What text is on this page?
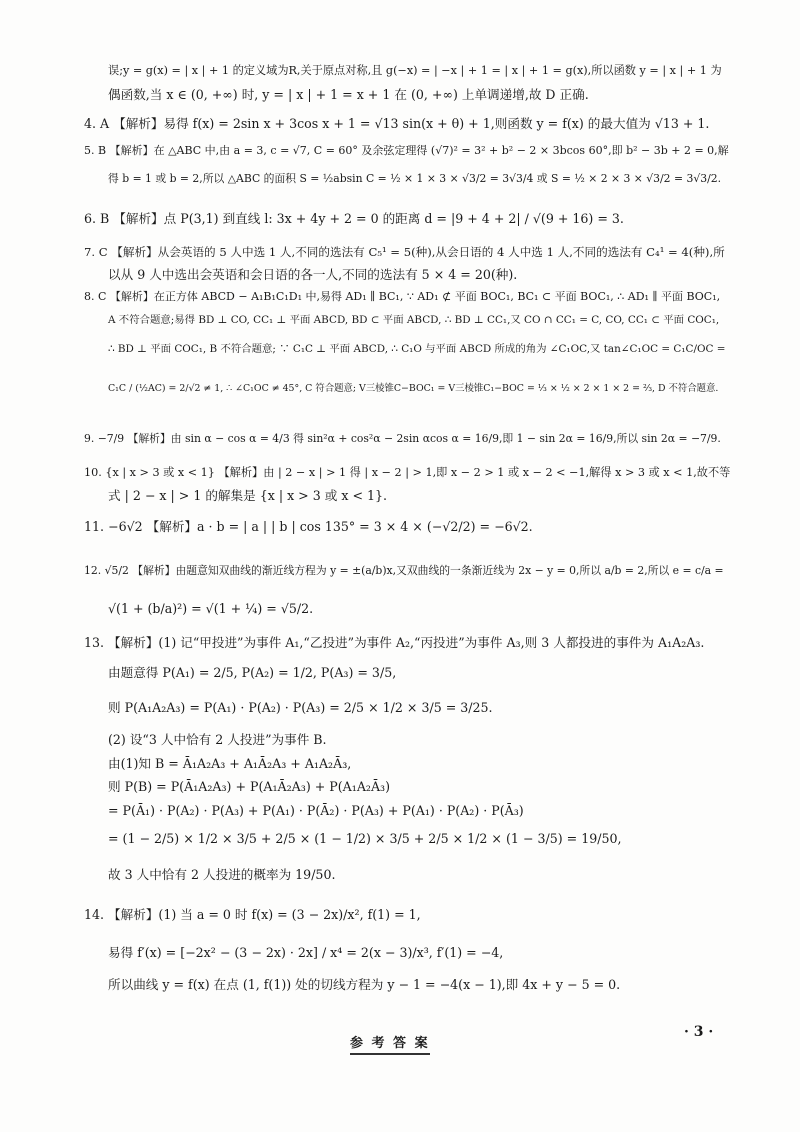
误;y = g(x) = | x | + 1 的定义域为R,关于原点对称,且 g(−x) = | −x | + 1 = | x | + 1 = g(x),所以函数 y = | x | + 1 为
偶函数,当 x ∈ (0, +∞) 时, y = | x | + 1 = x + 1 在 (0, +∞) 上单调递增,故 D 正确.
4. A 【解析】易得 f(x) = 2sin x + 3cos x + 1 = √13 sin(x + θ) + 1,则函数 y = f(x) 的最大值为 √13 + 1.
5. B 【解析】在 △ABC 中,由 a = 3, c = √7, C = 60° 及余弦定理得 (√7)² = 3² + b² − 2 × 3bcos 60°,即 b² − 3b + 2 = 0,解
得 b = 1 或 b = 2,所以 △ABC 的面积 S = ½absin C = ½ × 1 × 3 × √3/2 = 3√3/4 或 S = ½ × 2 × 3 × √3/2 = 3√3/2.
6. B 【解析】点 P(3,1) 到直线 l: 3x + 4y + 2 = 0 的距离 d = |9 + 4 + 2| / √(9 + 16) = 3.
7. C 【解析】从会英语的 5 人中选 1 人,不同的选法有 C₅¹ = 5(种),从会日语的 4 人中选 1 人,不同的选法有 C₄¹ = 4(种),所
以从 9 人中选出会英语和会日语的各一人,不同的选法有 5 × 4 = 20(种).
8. C 【解析】在正方体 ABCD − A₁B₁C₁D₁ 中,易得 AD₁ ∥ BC₁, ∵ AD₁ ⊄ 平面 BOC₁, BC₁ ⊂ 平面 BOC₁, ∴ AD₁ ∥ 平面 BOC₁,
A 不符合题意;易得 BD ⊥ CO, CC₁ ⊥ 平面 ABCD, BD ⊂ 平面 ABCD, ∴ BD ⊥ CC₁,又 CO ∩ CC₁ = C, CO, CC₁ ⊂ 平面 COC₁,
∴ BD ⊥ 平面 COC₁, B 不符合题意; ∵ C₁C ⊥ 平面 ABCD, ∴ C₁O 与平面 ABCD 所成的角为 ∠C₁OC,又 tan∠C₁OC = C₁C/OC =
C₁C / (½AC) = 2/√2 ≠ 1, ∴ ∠C₁OC ≠ 45°, C 符合题意; V三棱锥C−BOC₁ = V三棱锥C₁−BOC = ⅓ × ½ × 2 × 1 × 2 = ⅔, D 不符合题意.
9. −7/9 【解析】由 sin α − cos α = 4/3 得 sin²α + cos²α − 2sin αcos α = 16/9,即 1 − sin 2α = 16/9,所以 sin 2α = −7/9.
10. {x | x > 3 或 x < 1} 【解析】由 | 2 − x | > 1 得 | x − 2 | > 1,即 x − 2 > 1 或 x − 2 < −1,解得 x > 3 或 x < 1,故不等
式 | 2 − x | > 1 的解集是 {x | x > 3 或 x < 1}.
11. −6√2 【解析】a · b = | a | | b | cos 135° = 3 × 4 × (−√2/2) = −6√2.
12. √5/2 【解析】由题意知双曲线的渐近线方程为 y = ±(a/b)x,又双曲线的一条渐近线为 2x − y = 0,所以 a/b = 2,所以 e = c/a =
√(1 + (b/a)²) = √(1 + ¼) = √5/2.
13. 【解析】(1) 记“甲投进”为事件 A₁,“乙投进”为事件 A₂,“丙投进”为事件 A₃,则 3 人都投进的事件为 A₁A₂A₃.
由题意得 P(A₁) = 2/5, P(A₂) = 1/2, P(A₃) = 3/5,
则 P(A₁A₂A₃) = P(A₁) · P(A₂) · P(A₃) = 2/5 × 1/2 × 3/5 = 3/25.
(2) 设“3 人中恰有 2 人投进”为事件 B.
由(1)知 B = Ā₁A₂A₃ + A₁Ā₂A₃ + A₁A₂Ā₃,
则 P(B) = P(Ā₁A₂A₃) + P(A₁Ā₂A₃) + P(A₁A₂Ā₃)
= P(Ā₁) · P(A₂) · P(A₃) + P(A₁) · P(Ā₂) · P(A₃) + P(A₁) · P(A₂) · P(Ā₃)
= (1 − 2/5) × 1/2 × 3/5 + 2/5 × (1 − 1/2) × 3/5 + 2/5 × 1/2 × (1 − 3/5) = 19/50,
故 3 人中恰有 2 人投进的概率为 19/50.
14. 【解析】(1) 当 a = 0 时 f(x) = (3 − 2x)/x², f(1) = 1,
易得 f′(x) = [−2x² − (3 − 2x) · 2x] / x⁴ = 2(x − 3)/x³, f′(1) = −4,
所以曲线 y = f(x) 在点 (1, f(1)) 处的切线方程为 y − 1 = −4(x − 1),即 4x + y − 5 = 0.
参 考 答 案
· 3 ·
